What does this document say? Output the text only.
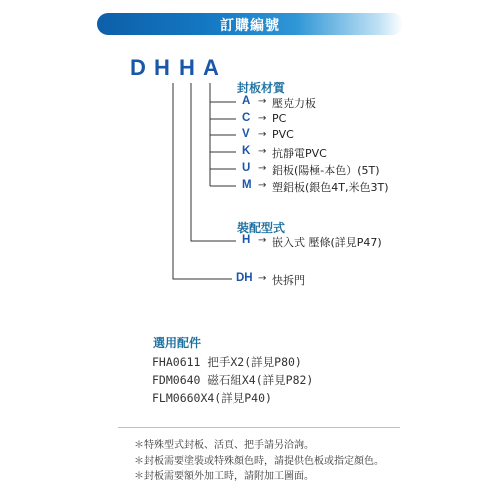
訂購編號
D H H A
封板材質
A → 壓克力板
C → PC
V → PVC
K → 抗靜電PVC
U → 鋁板(陽極-本色）(5T)
M → 塑鋁板(銀色4T,米色3T)
裝配型式
H → 嵌入式 壓條(詳見P47)
DH → 快拆門
選用配件
FHA0611 把手X2(詳見P80)
FDM0640 磁石組X4(詳見P82)
FLM0660X4(詳見P40)
＊特殊型式封板、活頁、把手請另洽詢。
＊封板需要塗裝或特殊顏色時，請提供色板或指定顏色。
＊封板需要額外加工時，請附加工圖面。
